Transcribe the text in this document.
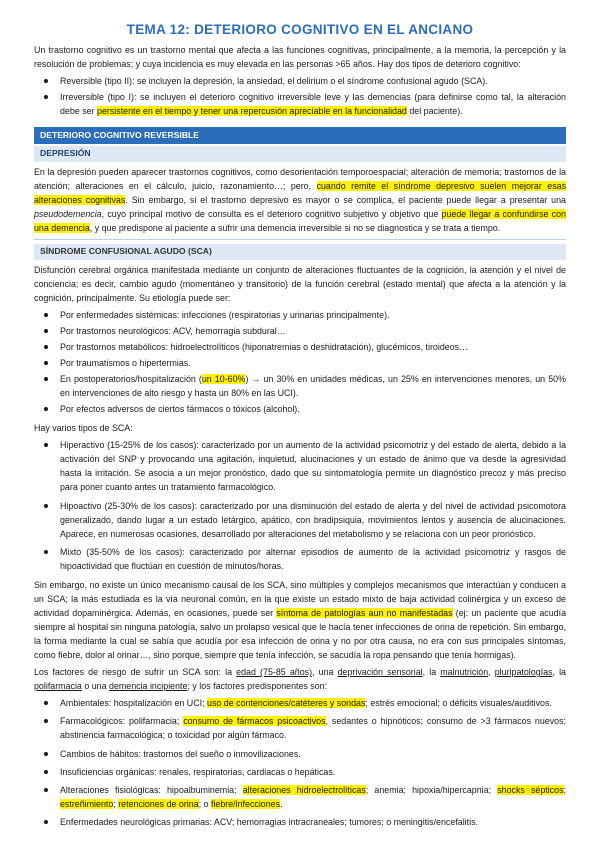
TEMA 12: DETERIORO COGNITIVO EN EL ANCIANO

Un trastorno cognitivo es un trastorno mental que afecta a las funciones cognitivas, principalmente, a la memoria, la percepción y la resolución de problemas; y cuya incidencia es muy elevada en las personas >65 años. Hay dos tipos de deterioro cognitivo:

Reversible (tipo II): se incluyen la depresión, la ansiedad, el delirium o el síndrome confusional agudo (SCA).
Irreversible (tipo I): se incluyen el deterioro cognitivo irreversible leve y las demencias (para definirse como tal, la alteración debe ser persistente en el tiempo y tener una repercusión apreciable en la funcionalidad del paciente).
DETERIORO COGNITIVO REVERSIBLE
DEPRESIÓN

En la depresión pueden aparecer trastornos cognitivos, como desorientación temporoespacial; alteración de memoria; trastornos de la atención; alteraciones en el cálculo, juicio, razonamiento…; pero, cuando remite el síndrome depresivo suelen mejorar esas alteraciones cognitivas. Sin embargo, si el trastorno depresivo es mayor o se complica, el paciente puede llegar a presentar una pseudodemencia, cuyo principal motivo de consulta es el deterioro cognitivo subjetivo y objetivo que puede llegar a confundirse con una demencia, y que predispone al paciente a sufrir una demencia irreversible si no se diagnostica y se trata a tiempo.

SÍNDROME CONFUSIONAL AGUDO (SCA)

Disfunción cerebral orgánica manifestada mediante un conjunto de alteraciones fluctuantes de la cognición, la atención y el nivel de conciencia; es decir, cambio agudo (momentáneo y transitorio) de la función cerebral (estado mental) que afecta a la atención y la cognición, principalmente. Su etiología puede ser:

Por enfermedades sistémicas: infecciones (respiratorias y urinarias principalmente).
Por trastornos neurológicos: ACV, hemorragia subdural…
Por trastornos metabólicos: hidroelectrolíticos (hiponatremias o deshidratación), glucémicos, tiroideos…
Por traumatismos o hipertermias.
En postoperatorios/hospitalización (un 10-60%) → un 30% en unidades médicas, un 25% en intervenciones menores, un 50% en intervenciones de alto riesgo y hasta un 80% en las UCI).
Por efectos adversos de ciertos fármacos o tóxicos (alcohol).

Hay varios tipos de SCA:

Hiperactivo (15-25% de los casos): caracterizado por un aumento de la actividad psicomotriz y del estado de alerta, debido a la activación del SNP y provocando una agitación, inquietud, alucinaciones y un estado de ánimo que va desde la agresividad hasta la irritación. Se asocia a un mejor pronóstico, dado que su sintomatología permite un diagnóstico precoz y más preciso para poner cuanto antes un tratamiento farmacológico.
Hipoactivo (25-30% de los casos): caracterizado por una disminución del estado de alerta y del nivel de actividad psicomotora generalizado, dando lugar a un estado letárgico, apático, con bradipsiquia, movimientos lentos y ausencia de alucinaciones. Aparece, en numerosas ocasiones, desarrollado por alteraciones del metabolismo y se relaciona con un peor pronóstico.
Mixto (35-50% de los casos): caracterizado por alternar episodios de aumento de la actividad psicomotriz y rasgos de hipoactividad que fluctúan en cuestión de minutos/horas.

Sin embargo, no existe un único mecanismo causal de los SCA, sino múltiples y complejos mecanismos que interactúan y conducen a un SCA; la más estudiada es la vía neuronal común, en la que existe un estado mixto de baja actividad colinérgica y un exceso de actividad dopaminérgica. Además, en ocasiones, puede ser síntoma de patologías aun no manifestadas (ej: un paciente que acudía siempre al hospital sin ninguna patología, salvo un prolapso vesical que le hacía tener infecciones de orina de repetición. Sin embargo, la forma mediante la cual se sabía que acudía por esa infección de orina y no por otra causa, no era con sus principales síntomas, como fiebre, dolor al orinar…, sino porque, siempre que tenía infección, se sacudía la ropa pensando que tenía hormigas).

Los factores de riesgo de sufrir un SCA son: la edad (75-85 años), una deprivación sensorial, la malnutrición, pluripatologías, la polifarmacia o una demencia incipiente; y los factores predisponentes son:

Ambientales: hospitalización en UCI; uso de contenciones/catéteres y sondas; estrés emocional; o déficits visuales/auditivos.
Farmacológicos: polifarmacia; consumo de fármacos psicoactivos, sedantes o hipnóticos; consumo de >3 fármacos nuevos; abstinencia farmacológica; o toxicidad por algún fármaco.
Cambios de hábitos: trastornos del sueño o inmovilizaciones.
Insuficiencias orgánicas: renales, respiratorias, cardiacas o hepáticas.
Alteraciones fisiológicas: hipoalbuminemia; alteraciones hidroelectrolíticas; anemia; hipoxia/hipercapnia; shocks sépticos; estreñimiento; retenciones de orina; o fiebre/infecciones.
Enfermedades neurológicas primarias: ACV; hemorragias intracraneales; tumores; o meningitis/encefalitis.
